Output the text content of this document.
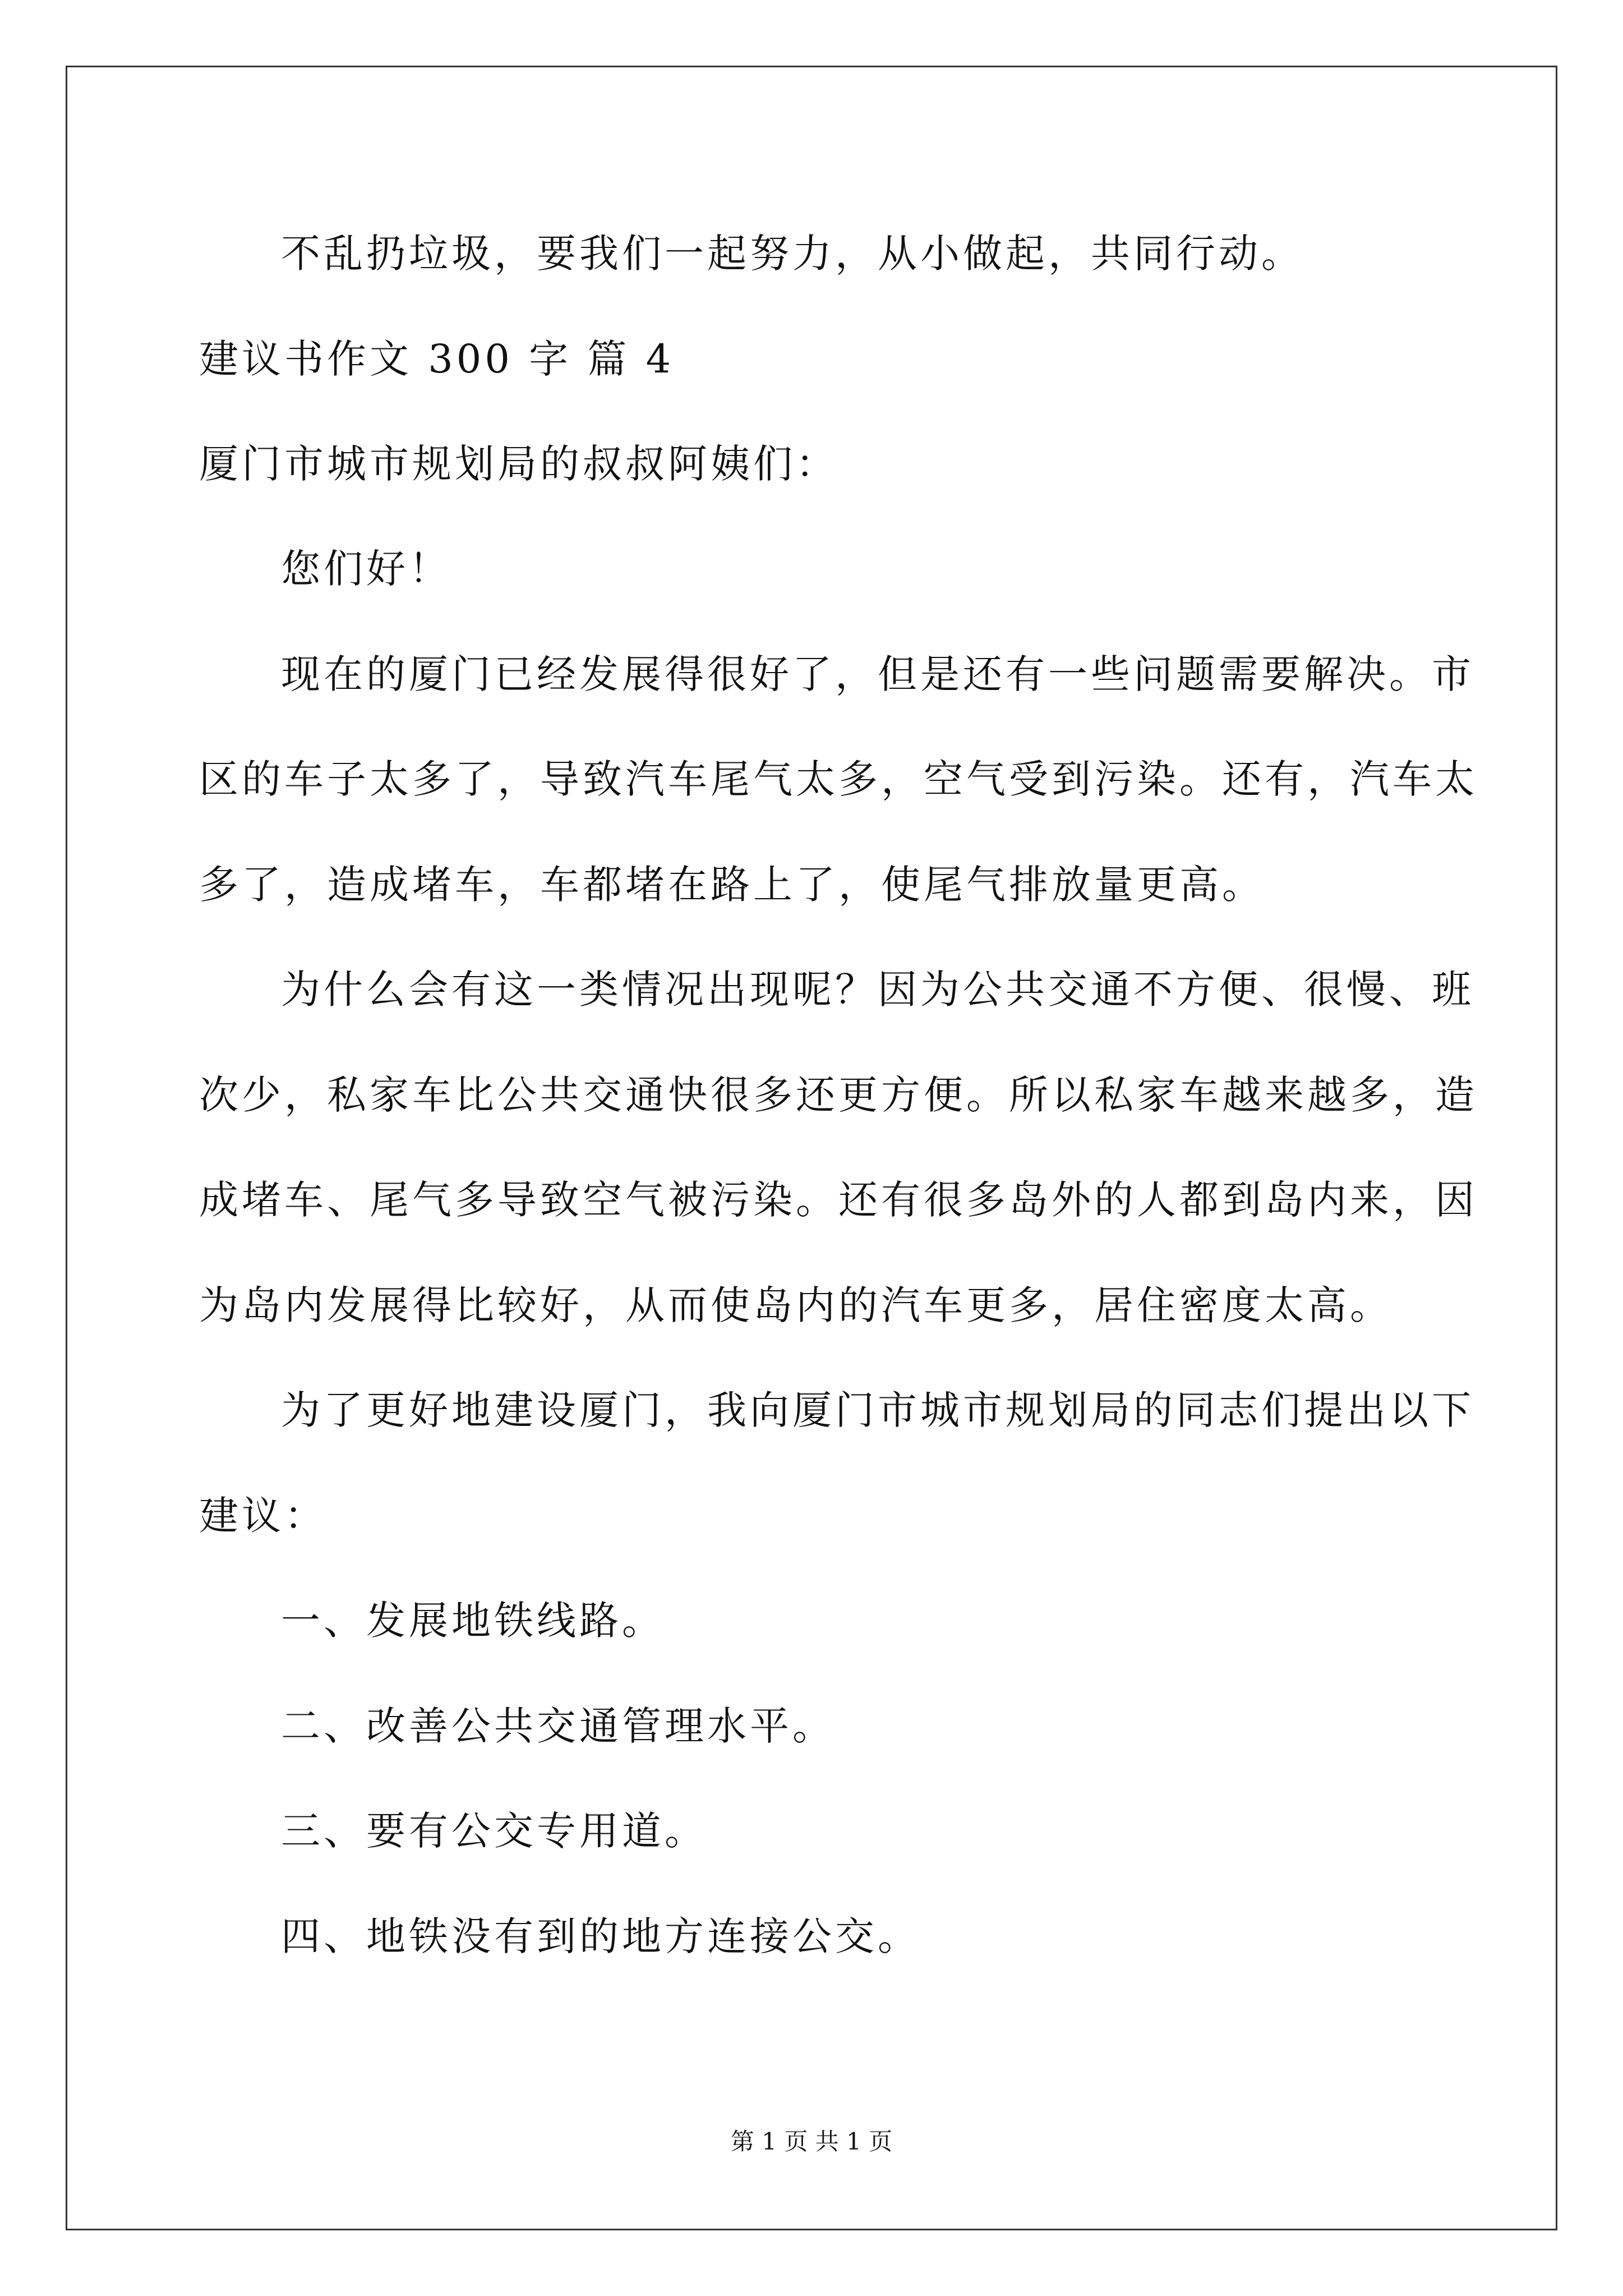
不乱扔垃圾，要我们一起努力，从小做起，共同行动。
建议书作文 300 字 篇 4
厦门市城市规划局的叔叔阿姨们：
您们好！
现在的厦门已经发展得很好了，但是还有一些问题需要解决。市
区的车子太多了，导致汽车尾气太多，空气受到污染。还有，汽车太
多了，造成堵车，车都堵在路上了，使尾气排放量更高。
为什么会有这一类情况出现呢？因为公共交通不方便、很慢、班
次少，私家车比公共交通快很多还更方便。所以私家车越来越多，造
成堵车、尾气多导致空气被污染。还有很多岛外的人都到岛内来，因
为岛内发展得比较好，从而使岛内的汽车更多，居住密度太高。
为了更好地建设厦门，我向厦门市城市规划局的同志们提出以下
建议：
一、发展地铁线路。
二、改善公共交通管理水平。
三、要有公交专用道。
四、地铁没有到的地方连接公交。
第 1 页 共 1 页
